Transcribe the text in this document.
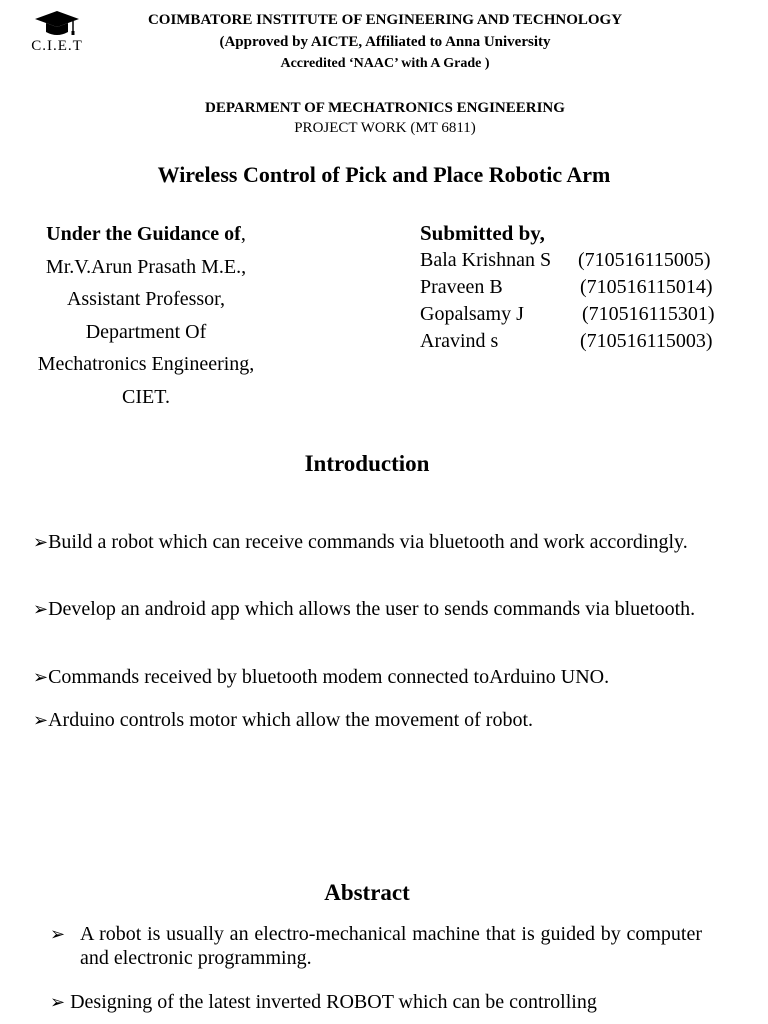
C.I.E.T
COIMBATORE INSTITUTE OF ENGINEERING AND TECHNOLOGY
(Approved by AICTE, Affiliated to Anna University
Accredited ‘NAAC’ with A Grade )
DEPARMENT OF MECHATRONICS ENGINEERING
PROJECT WORK (MT 6811)
Wireless Control of Pick and Place Robotic Arm
Under the Guidance of,
Mr.V.Arun Prasath M.E.,
Assistant Professor,
Department Of
Mechatronics Engineering,
CIET.
Submitted by,
Bala Krishnan S	(710516115005)
Praveen B	(710516115014)
Gopalsamy J	(710516115301)
Aravind s	(710516115003)
Introduction
➢Build a robot which can receive commands via bluetooth and work accordingly.
➢Develop an android app which allows the user to sends commands via bluetooth.
➢Commands received by bluetooth modem connected toArduino UNO.
➢Arduino controls motor which allow the movement of robot.
Abstract
➢ A robot is usually an electro-mechanical machine that is guided by computer and electronic programming.
➢ Designing of the latest inverted ROBOT which can be controlling
